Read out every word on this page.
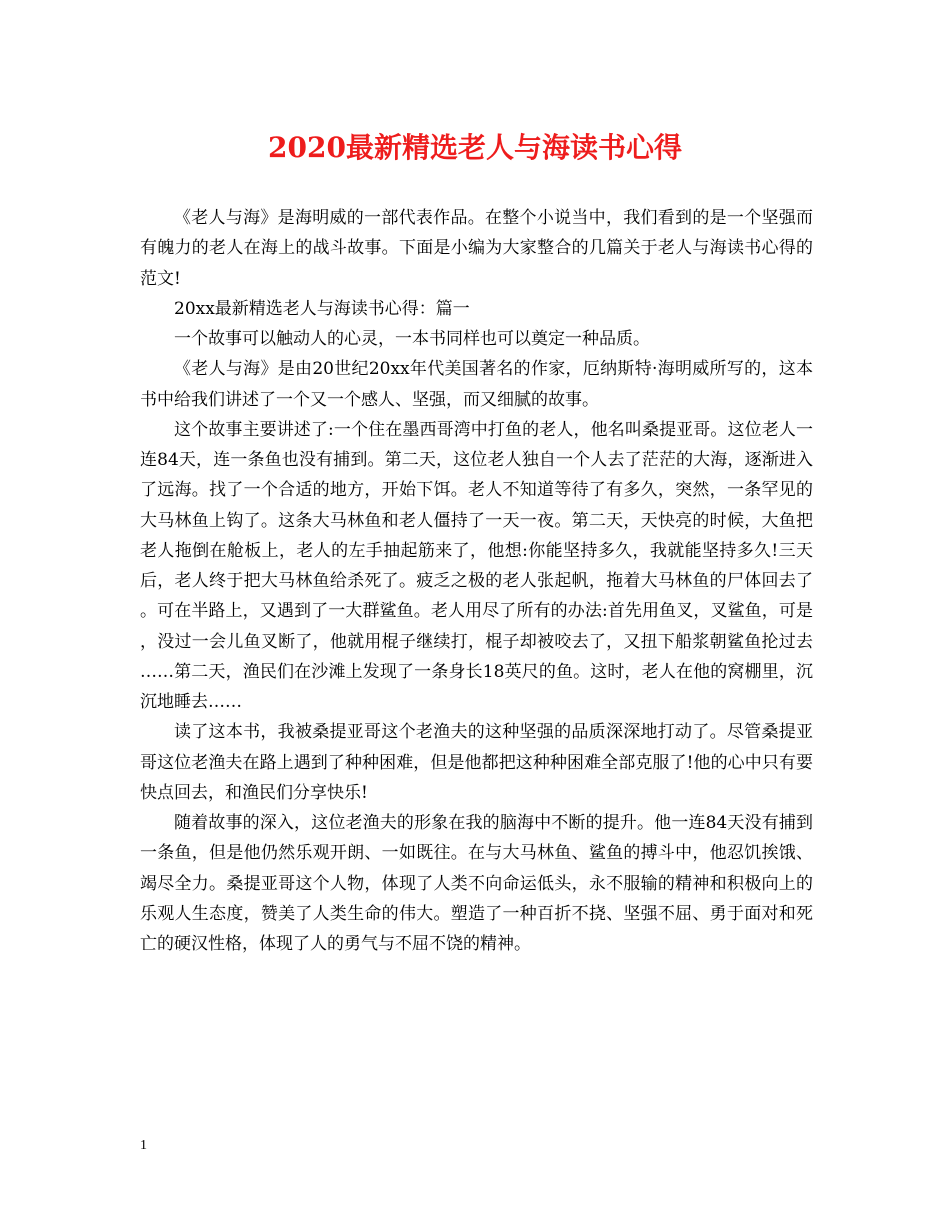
2020最新精选老人与海读书心得

《老人与海》是海明威的一部代表作品。在整个小说当中，我们看到的是一个坚强而有魄力的老人在海上的战斗故事。下面是小编为大家整合的几篇关于老人与海读书心得的范文!

20xx最新精选老人与海读书心得：篇一

一个故事可以触动人的心灵，一本书同样也可以奠定一种品质。

《老人与海》是由20世纪20xx年代美国著名的作家，厄纳斯特·海明威所写的，这本书中给我们讲述了一个又一个感人、坚强，而又细腻的故事。

这个故事主要讲述了:一个住在墨西哥湾中打鱼的老人，他名叫桑提亚哥。这位老人一连84天，连一条鱼也没有捕到。第二天，这位老人独自一个人去了茫茫的大海，逐渐进入了远海。找了一个合适的地方，开始下饵。老人不知道等待了有多久，突然，一条罕见的大马林鱼上钩了。这条大马林鱼和老人僵持了一天一夜。第二天，天快亮的时候，大鱼把老人拖倒在舱板上，老人的左手抽起筋来了，他想:你能坚持多久，我就能坚持多久!三天后，老人终于把大马林鱼给杀死了。疲乏之极的老人张起帆，拖着大马林鱼的尸体回去了。可在半路上，又遇到了一大群鲨鱼。老人用尽了所有的办法:首先用鱼叉，叉鲨鱼，可是，没过一会儿鱼叉断了，他就用棍子继续打，棍子却被咬去了，又扭下船浆朝鲨鱼抡过去……第二天，渔民们在沙滩上发现了一条身长18英尺的鱼。这时，老人在他的窝棚里，沉沉地睡去……

读了这本书，我被桑提亚哥这个老渔夫的这种坚强的品质深深地打动了。尽管桑提亚哥这位老渔夫在路上遇到了种种困难，但是他都把这种种困难全部克服了!他的心中只有要快点回去，和渔民们分享快乐!

随着故事的深入，这位老渔夫的形象在我的脑海中不断的提升。他一连84天没有捕到一条鱼，但是他仍然乐观开朗、一如既往。在与大马林鱼、鲨鱼的搏斗中，他忍饥挨饿、竭尽全力。桑提亚哥这个人物，体现了人类不向命运低头，永不服输的精神和积极向上的乐观人生态度，赞美了人类生命的伟大。塑造了一种百折不挠、坚强不屈、勇于面对和死亡的硬汉性格，体现了人的勇气与不屈不饶的精神。

1
